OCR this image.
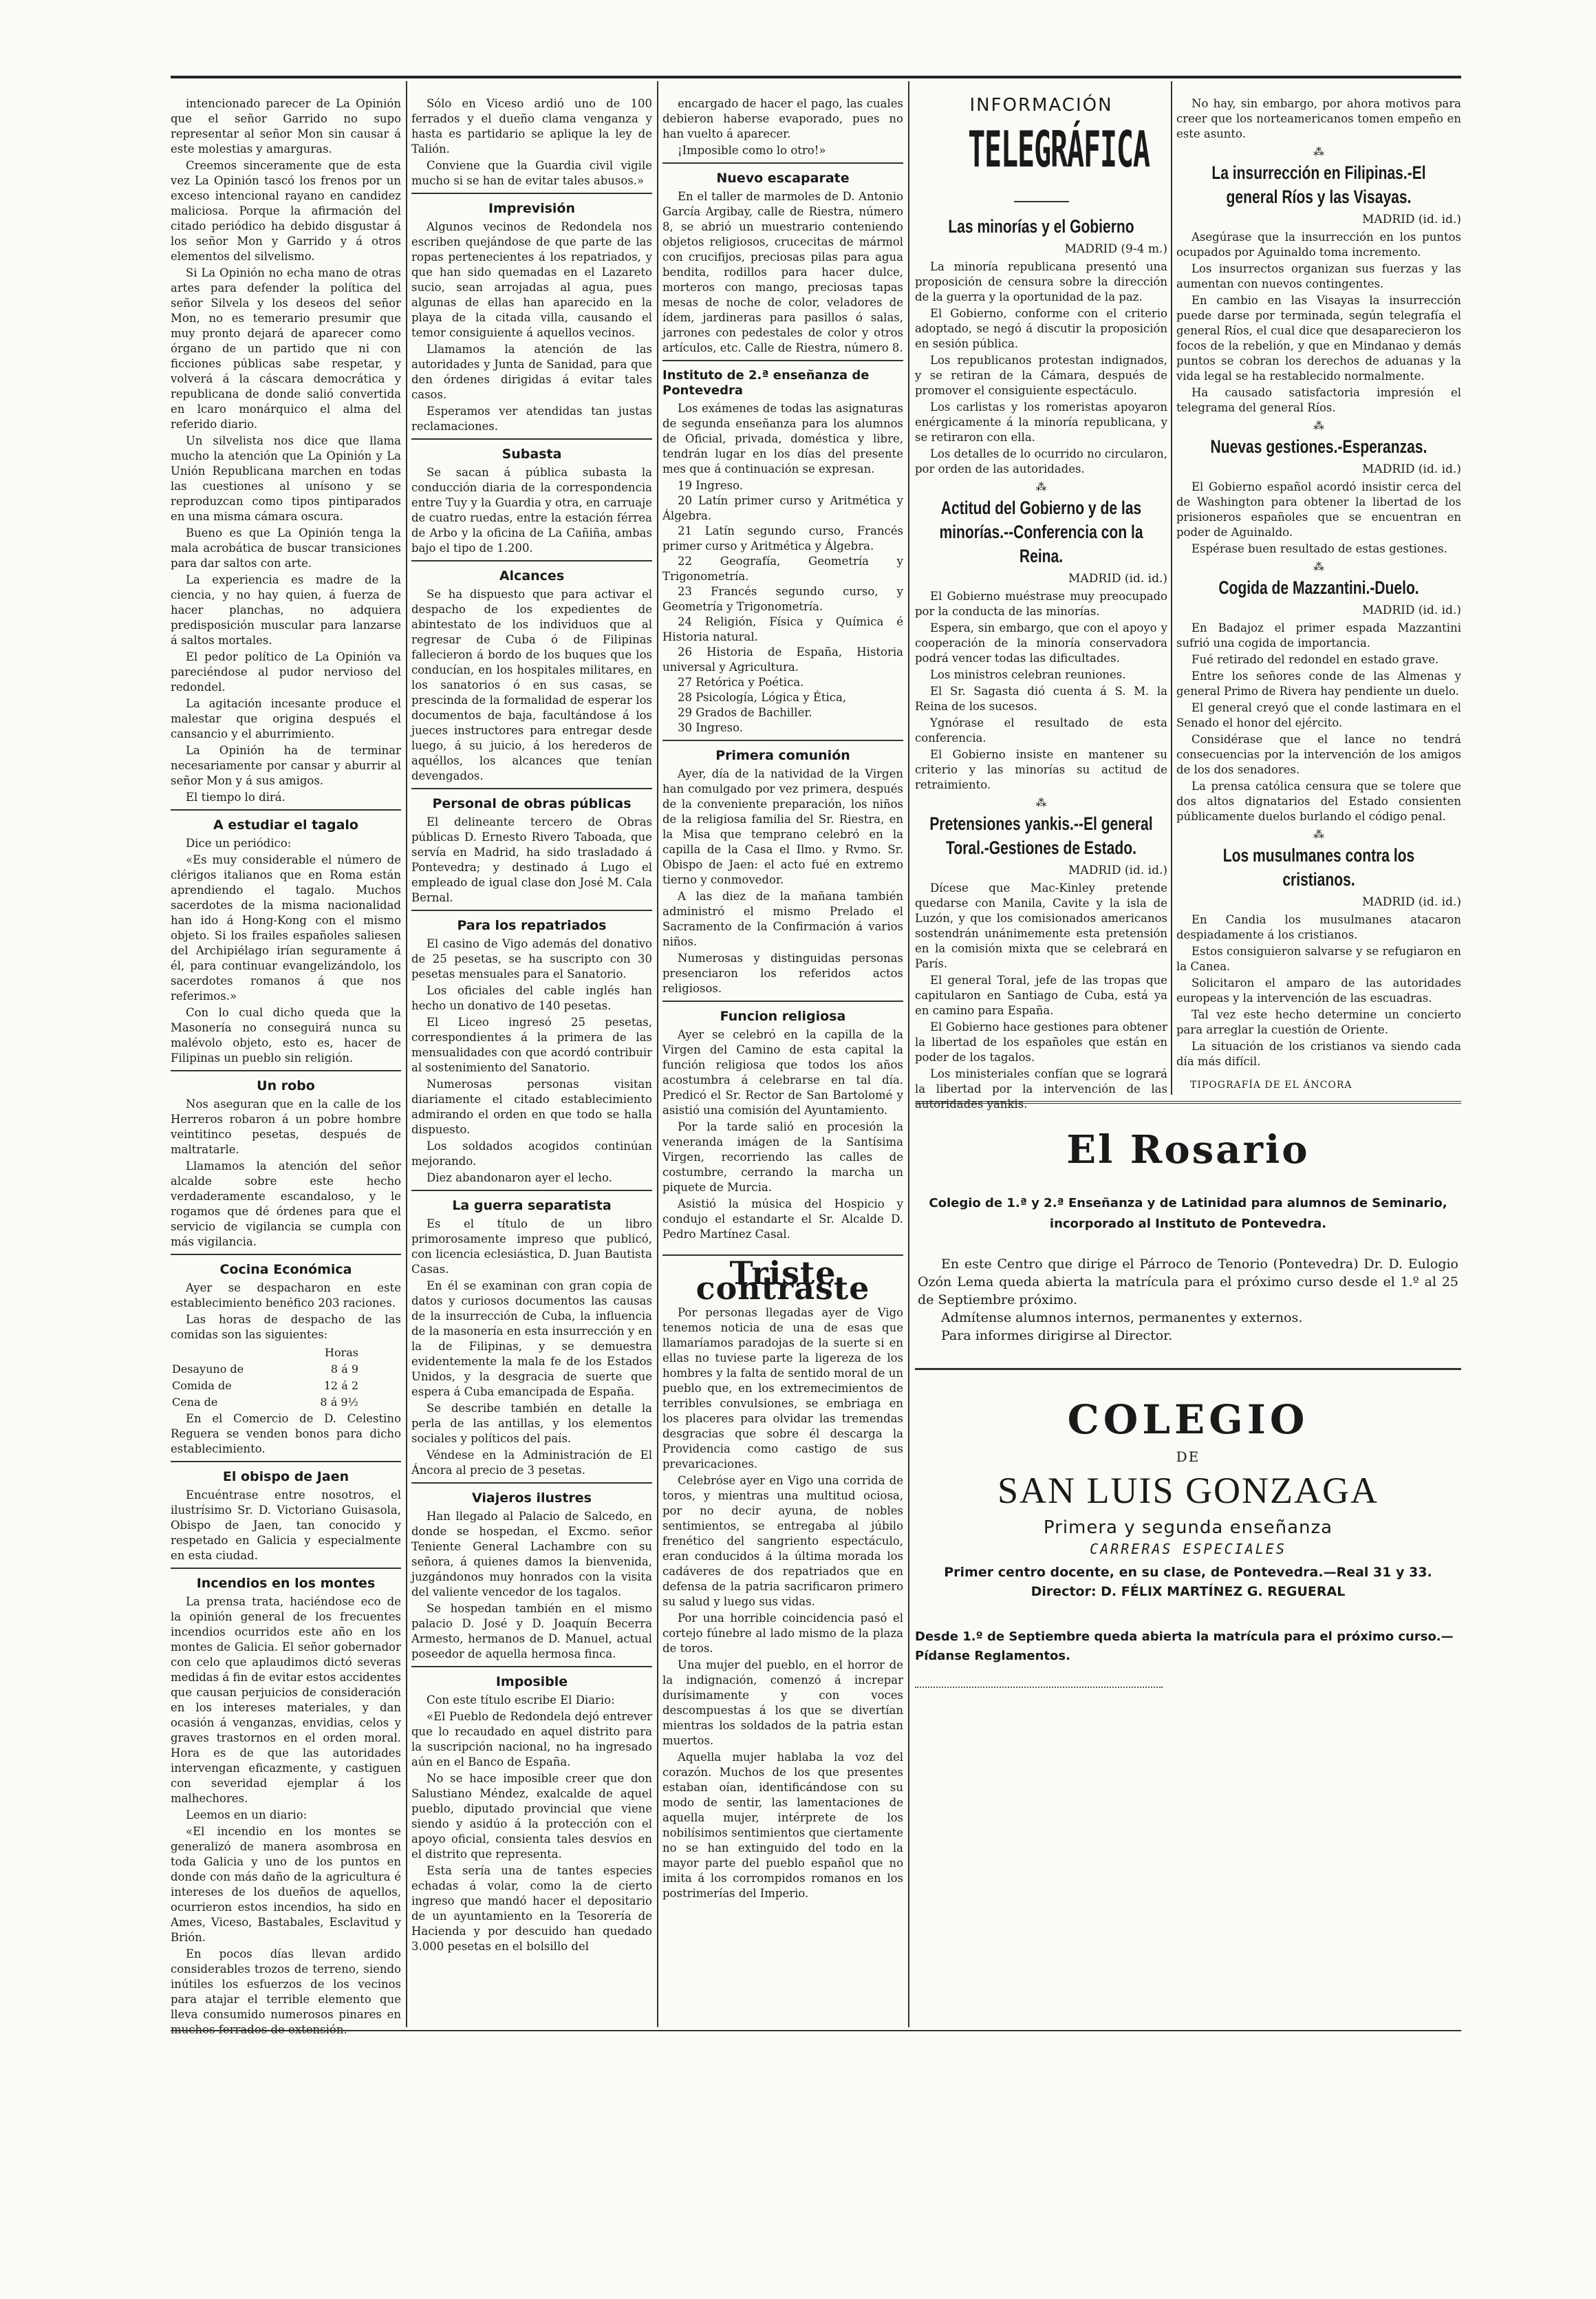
intencionado parecer de La Opinión que el señor Garrido no supo representar al señor Mon sin causar á este molestias y amarguras.

Creemos sinceramente que de esta vez La Opinión tascó los frenos por un exceso intencional rayano en candidez maliciosa. Porque la afirmación del citado periódico ha debido disgustar á los señor Mon y Garrido y á otros elementos del silvelismo.

Si La Opinión no echa mano de otras artes para defender la política del señor Silvela y los deseos del señor Mon, no es temerario presumir que muy pronto dejará de aparecer como órgano de un partido que ni con ficciones públicas sabe respetar, y volverá á la cáscara democrática y republicana de donde salió convertida en lcaro monárquico el alma del referido diario.

Un silvelista nos dice que llama mucho la atención que La Opinión y La Unión Republicana marchen en todas las cuestiones al unísono y se reproduzcan como tipos pintiparados en una misma cámara oscura.

Bueno es que La Opinión tenga la mala acrobática de buscar transiciones para dar saltos con arte.

La experiencia es madre de la ciencia, y no hay quien, á fuerza de hacer planchas, no adquiera predisposición muscular para lanzarse á saltos mortales.

El pedor político de La Opinión va pareciéndose al pudor nervioso del redondel.

La agitación incesante produce el malestar que origina después el cansancio y el aburrimiento.

La Opinión ha de terminar necesariamente por cansar y aburrir al señor Mon y á sus amigos.

El tiempo lo dirá.

A estudiar el tagalo

Dice un periódico:

«Es muy considerable el número de clérigos italianos que en Roma están aprendiendo el tagalo. Muchos sacerdotes de la misma nacionalidad han ido á Hong-Kong con el mismo objeto. Si los frailes españoles saliesen del Archipiélago irían seguramente á él, para continuar evangelizándolo, los sacerdotes romanos á que nos referimos.»

Con lo cual dicho queda que la Masonería no conseguirá nunca su malévolo objeto, esto es, hacer de Filipinas un pueblo sin religión.

Un robo

Nos aseguran que en la calle de los Herreros robaron á un pobre hombre veintitinco pesetas, después de maltratarle.

Llamamos la atención del señor alcalde sobre este hecho verdaderamente escandaloso, y le rogamos que dé órdenes para que el servicio de vigilancia se cumpla con más vigilancia.

Cocina Económica

Ayer se despacharon en este establecimiento benéfico 203 raciones.

Las horas de despacho de las comidas son las siguientes:

	Horas
Desayuno de	8 á 9
Comida de	12 á 2
Cena de	8 á 9½

En el Comercio de D. Celestino Reguera se venden bonos para dicho establecimiento.

El obispo de Jaen

Encuéntrase entre nosotros, el ilustrísimo Sr. D. Victoriano Guisasola, Obispo de Jaen, tan conocido y respetado en Galicia y especialmente en esta ciudad.

Incendios en los montes

La prensa trata, haciéndose eco de la opinión general de los frecuentes incendios ocurridos este año en los montes de Galicia. El señor gobernador con celo que aplaudimos dictó severas medidas á fin de evitar estos accidentes que causan perjuicios de consideración en los intereses materiales, y dan ocasión á venganzas, envidias, celos y graves trastornos en el orden moral. Hora es de que las autoridades intervengan eficazmente, y castiguen con severidad ejemplar á los malhechores.

Leemos en un diario:

«El incendio en los montes se generalizó de manera asombrosa en toda Galicia y uno de los puntos en donde con más daño de la agricultura é intereses de los dueños de aquellos, ocurrieron estos incendios, ha sido en Ames, Viceso, Bastabales, Esclavitud y Brión.

En pocos días llevan ardido considerables trozos de terreno, siendo inútiles los esfuerzos de los vecinos para atajar el terrible elemento que lleva consumido numerosos pinares en

Sólo en Viceso ardió uno de 100 ferrados y el dueño clama venganza y hasta es partidario se aplique la ley de Talión.

Conviene que la Guardia civil vigile mucho si se han de evitar tales abusos.»

Imprevisión

Algunos vecinos de Redondela nos escriben quejándose de que parte de las ropas pertenecientes á los repatriados, y que han sido quemadas en el Lazareto sucio, sean arrojadas al agua, pues algunas de ellas han aparecido en la playa de la citada villa, causando el temor consiguiente á aquellos vecinos.

Llamamos la atención de las autoridades y Junta de Sanidad, para que den órdenes dirigidas á evitar tales casos.

Esperamos ver atendidas tan justas reclamaciones.

Subasta

Se sacan á pública subasta la conducción diaria de la correspondencia entre Tuy y la Guardia y otra, en carruaje de cuatro ruedas, entre la estación férrea de Arbo y la oficina de La Cañiña, ambas bajo el tipo de 1.200.

Alcances

Se ha dispuesto que para activar el despacho de los expedientes de abintestato de los individuos que al regresar de Cuba ó de Filipinas fallecieron á bordo de los buques que los conducían, en los hospitales militares, en los sanatorios ó en sus casas, se prescinda de la formalidad de esperar los documentos de baja, facultándose á los jueces instructores para entregar desde luego, á su juicio, á los herederos de aquéllos, los alcances que tenían devengados.

Personal de obras públicas

El delineante tercero de Obras públicas D. Ernesto Rivero Taboada, que servía en Madrid, ha sido trasladado á Pontevedra; y destinado á Lugo el empleado de igual clase don José M. Cala Bernal.

Para los repatriados

El casino de Vigo además del donativo de 25 pesetas, se ha suscripto con 30 pesetas mensuales para el Sanatorio.

Los oficiales del cable inglés han hecho un donativo de 140 pesetas.

El Liceo ingresó 25 pesetas, correspondientes á la primera de las mensualidades con que acordó contribuir al sostenimiento del Sanatorio.

Numerosas personas visitan diariamente el citado establecimiento admirando el orden en que todo se halla dispuesto.

Los soldados acogidos continúan mejorando.

Diez abandonaron ayer el lecho.

La guerra separatista

Es el título de un libro primorosamente impreso que publicó, con licencia eclesiástica, D. Juan Bautista Casas.

En él se examinan con gran copia de datos y curiosos documentos las causas de la insurrección de Cuba, la influencia de la masonería en esta insurrección y en la de Filipinas, y se demuestra evidentemente la mala fe de los Estados Unidos, y la desgracia de suerte que espera á Cuba emancipada de España.

Se describe también en detalle la perla de las antillas, y los elementos sociales y políticos del país.

Véndese en la Administración de El Áncora al precio de 3 pesetas.

Viajeros ilustres

Han llegado al Palacio de Salcedo, en donde se hospedan, el Excmo. señor Teniente General Lachambre con su señora, á quienes damos la bienvenida, juzgándonos muy honrados con la visita del valiente vencedor de los tagalos.

Se hospedan también en el mismo palacio D. José y D. Joaquín Becerra Armesto, hermanos de D. Manuel, actual poseedor de aquella hermosa finca.

Imposible

Con este título escribe El Diario:

«El Pueblo de Redondela dejó entrever que lo recaudado en aquel distrito para la suscripción nacional, no ha ingresado aún en el Banco de España.

No se hace imposible creer que don Salustiano Méndez, exalcalde de aquel pueblo, diputado provincial que viene siendo y asidúo á la protección con el apoyo oficial, consienta tales desvíos en el distrito que representa.

Esta sería una de tantes especies echadas á volar, como la de cierto ingreso que mandó hacer el depositario de un ayuntamiento en la Tesorería de Hacienda y por descuido han quedado 3.000 pesetas en el bolsillo del

encargado de hacer el pago, las cuales debieron haberse evaporado, pues no han vuelto á aparecer.

¡Imposible como lo otro!»

Nuevo escaparate

En el taller de marmoles de D. Antonio García Argibay, calle de Riestra, número 8, se abrió un muestrario conteniendo objetos religiosos, crucecitas de mármol con crucifijos, preciosas pilas para agua bendita, rodillos para hacer dulce, morteros con mango, preciosas tapas mesas de noche de color, veladores de ídem, jardineras para pasillos ó salas, jarrones con pedestales de color y otros artículos, etc. Calle de Riestra, número 8.

Instituto de 2.ª enseñanza de Pontevedra

Los exámenes de todas las asignaturas de segunda enseñanza para los alumnos de Oficial, privada, doméstica y libre, tendrán lugar en los días del presente mes que á continuación se expresan.

19 Ingreso.

20 Latín primer curso y Aritmética y Álgebra.

21 Latín segundo curso, Francés primer curso y Aritmética y Álgebra.

22 Geografía, Geometría y Trigonometría.

23 Francés segundo curso, y Geometría y Trigonometría.

24 Religión, Física y Química é Historia natural.

26 Historia de España, Historia universal y Agricultura.

27 Retórica y Poética.

28 Psicología, Lógica y Ética,

29 Grados de Bachiller.

30 Ingreso.

Primera comunión

Ayer, día de la natividad de la Virgen han comulgado por vez primera, después de la conveniente preparación, los niños de la religiosa familia del Sr. Riestra, en la Misa que temprano celebró en la capilla de la Casa el Ilmo. y Rvmo. Sr. Obispo de Jaen: el acto fué en extremo tierno y conmovedor.

A las diez de la mañana también administró el mismo Prelado el Sacramento de la Confirmación á varios niños.

Numerosas y distinguidas personas presenciaron los referidos actos religiosos.

Funcion religiosa

Ayer se celebró en la capilla de la Virgen del Camino de esta capital la función religiosa que todos los años acostumbra á celebrarse en tal día. Predicó el Sr. Rector de San Bartolomé y asistió una comisión del Ayuntamiento.

Por la tarde salió en procesión la veneranda imágen de la Santísima Virgen, recorriendo las calles de costumbre, cerrando la marcha un piquete de Murcia.

Asistió la música del Hospicio y condujo el estandarte el Sr. Alcalde D. Pedro Martínez Casal.

Triste contraste

Por personas llegadas ayer de Vigo tenemos noticia de una de esas que llamaríamos paradojas de la suerte si en ellas no tuviese parte la ligereza de los hombres y la falta de sentido moral de un pueblo que, en los extremecimientos de terribles convulsiones, se embriaga en los placeres para olvidar las tremendas desgracias que sobre él descarga la Providencia como castigo de sus prevaricaciones.

Celebróse ayer en Vigo una corrida de toros, y mientras una multitud ociosa, por no decir ayuna, de nobles sentimientos, se entregaba al júbilo frenético del sangriento espectáculo, eran conducidos á la última morada los cadáveres de dos repatriados que en defensa de la patria sacrificaron primero su salud y luego sus vidas.

Por una horrible coincidencia pasó el cortejo fúnebre al lado mismo de la plaza de toros.

Una mujer del pueblo, en el horror de la indignación, comenzó á increpar durísimamente y con voces descompuestas á los que se divertían mientras los soldados de la patria estan muertos.

Aquella mujer hablaba la voz del corazón. Muchos de los que presentes estaban oían, identificándose con su modo de sentir, las lamentaciones de aquella mujer, intérprete de los nobilísimos sentimientos que ciertamente no se han extinguido del todo en la mayor parte del pueblo español que no imita á los corrompidos romanos en los postrimerías del Imperio.

INFORMACIÓN
TELEGRÁFICA
Las minorías y el Gobierno

MADRID (9-4 m.)

La minoría republicana presentó una proposición de censura sobre la dirección de la guerra y la oportunidad de la paz.

El Gobierno, conforme con el criterio adoptado, se negó á discutir la proposición en sesión pública.

Los republicanos protestan indignados, y se retiran de la Cámara, después de promover el consiguiente espectáculo.

Los carlistas y los romeristas apoyaron enérgicamente á la minoría republicana, y se retiraron con ella.

Los detalles de lo ocurrido no circularon, por orden de las autoridades.

⁂
Actitud del Gobierno y de las minorías.--Conferencia con la Reina.

MADRID (id. id.)

El Gobierno muéstrase muy preocupado por la conducta de las minorías.

Espera, sin embargo, que con el apoyo y cooperación de la minoría conservadora podrá vencer todas las dificultades.

Los ministros celebran reuniones.

El Sr. Sagasta dió cuenta á S. M. la Reina de los sucesos.

Ygnórase el resultado de esta conferencia.

El Gobierno insiste en mantener su criterio y las minorías su actitud de retraimiento.

⁂
Pretensiones yankis.--El general Toral.-Gestiones de Estado.

MADRID (id. id.)

Dícese que Mac-Kinley pretende quedarse con Manila, Cavite y la isla de Luzón, y que los comisionados americanos sostendrán unánimemente esta pretensión en la comisión mixta que se celebrará en París.

El general Toral, jefe de las tropas que capitularon en Santiago de Cuba, está ya en camino para España.

El Gobierno hace gestiones para obtener la libertad de los españoles que están en poder de los tagalos.

Los ministeriales confían que se logrará la libertad por la intervención de las autoridades yankis.

No hay, sin embargo, por ahora motivos para creer que los norteamericanos tomen empeño en este asunto.

⁂
La insurrección en Filipinas.-El general Ríos y las Visayas.

MADRID (id. id.)

Asegúrase que la insurrección en los puntos ocupados por Aguinaldo toma incremento.

Los insurrectos organizan sus fuerzas y las aumentan con nuevos contingentes.

En cambio en las Visayas la insurrección puede darse por terminada, según telegrafía el general Ríos, el cual dice que desaparecieron los focos de la rebelión, y que en Mindanao y demás puntos se cobran los derechos de aduanas y la vida legal se ha restablecido normalmente.

Ha causado satisfactoria impresión el telegrama del general Ríos.

⁂
Nuevas gestiones.-Esperanzas.

MADRID (id. id.)

El Gobierno español acordó insistir cerca del de Washington para obtener la libertad de los prisioneros españoles que se encuentran en poder de Aguinaldo.

Espérase buen resultado de estas gestiones.

⁂
Cogida de Mazzantini.-Duelo.

MADRID (id. id.)

En Badajoz el primer espada Mazzantini sufrió una cogida de importancia.

Fué retirado del redondel en estado grave.

Entre los señores conde de las Almenas y general Primo de Rivera hay pendiente un duelo.

El general creyó que el conde lastimara en el Senado el honor del ejército.

Considérase que el lance no tendrá consecuencias por la intervención de los amigos de los dos senadores.

La prensa católica censura que se tolere que dos altos dignatarios del Estado consienten públicamente duelos burlando el código penal.

⁂
Los musulmanes contra los cristianos.

MADRID (id. id.)

En Candia los musulmanes atacaron despiadamente á los cristianos.

Estos consiguieron salvarse y se refugiaron en la Canea.

Solicitaron el amparo de las autoridades europeas y la intervención de las escuadras.

Tal vez este hecho determine un concierto para arreglar la cuestión de Oriente.

La situación de los cristianos va siendo cada día más difícil.

TIPOGRAFÍA DE EL ÁNCORA

El Rosario
Colegio de 1.ª y 2.ª Enseñanza y de Latinidad para alumnos de Seminario, incorporado al Instituto de Pontevedra.

En este Centro que dirige el Párroco de Tenorio (Pontevedra) Dr. D. Eulogio Ozón Lema queda abierta la matrícula para el próximo curso desde el 1.º al 25 de Septiembre próximo.

Admítense alumnos internos, permanentes y externos.

Para informes dirigirse al Director.

COLEGIO
DE
SAN LUIS GONZAGA
Primera y segunda enseñanza
CARRERAS ESPECIALES
Primer centro docente, en su clase, de Pontevedra.—Real 31 y 33.
Director: D. FÉLIX MARTÍNEZ G. REGUERAL
Desde 1.º de Septiembre queda abierta la matrícula para el próximo curso.—Pídanse Reglamentos.
